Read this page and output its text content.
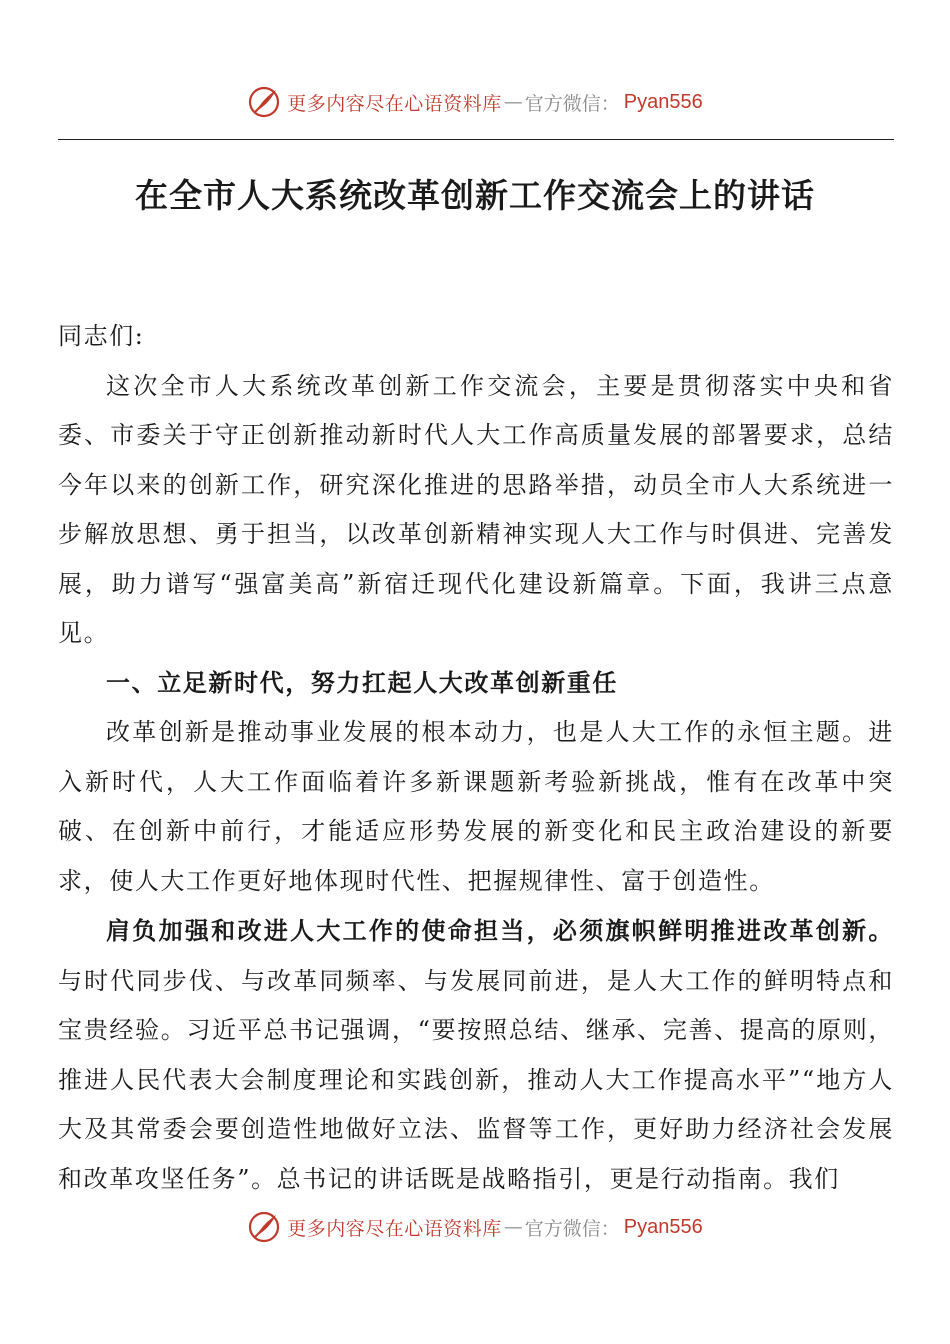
更多内容尽在心语资料库 — 官方微信： Pyan556
在全市人大系统改革创新工作交流会上的讲话

同志们:

这次全市人大系统改革创新工作交流会，主要是贯彻落实中央和省委、市委关于守正创新推动新时代人大工作高质量发展的部署要求，总结今年以来的创新工作，研究深化推进的思路举措，动员全市人大系统进一步解放思想、勇于担当，以改革创新精神实现人大工作与时俱进、完善发展，助力谱写“强富美高”新宿迁现代化建设新篇章。下面，我讲三点意见。

一、立足新时代，努力扛起人大改革创新重任

改革创新是推动事业发展的根本动力，也是人大工作的永恒主题。进入新时代，人大工作面临着许多新课题新考验新挑战，惟有在改革中突破、在创新中前行，才能适应形势发展的新变化和民主政治建设的新要求，使人大工作更好地体现时代性、把握规律性、富于创造性。

肩负加强和改进人大工作的使命担当，必须旗帜鲜明推进改革创新。与时代同步伐、与改革同频率、与发展同前进，是人大工作的鲜明特点和宝贵经验。习近平总书记强调，“要按照总结、继承、完善、提高的原则，推进人民代表大会制度理论和实践创新，推动人大工作提高水平”“地方人大及其常委会要创造性地做好立法、监督等工作，更好助力经济社会发展和改革攻坚任务”。总书记的讲话既是战略指引，更是行动指南。我们

更多内容尽在心语资料库 — 官方微信： Pyan556
